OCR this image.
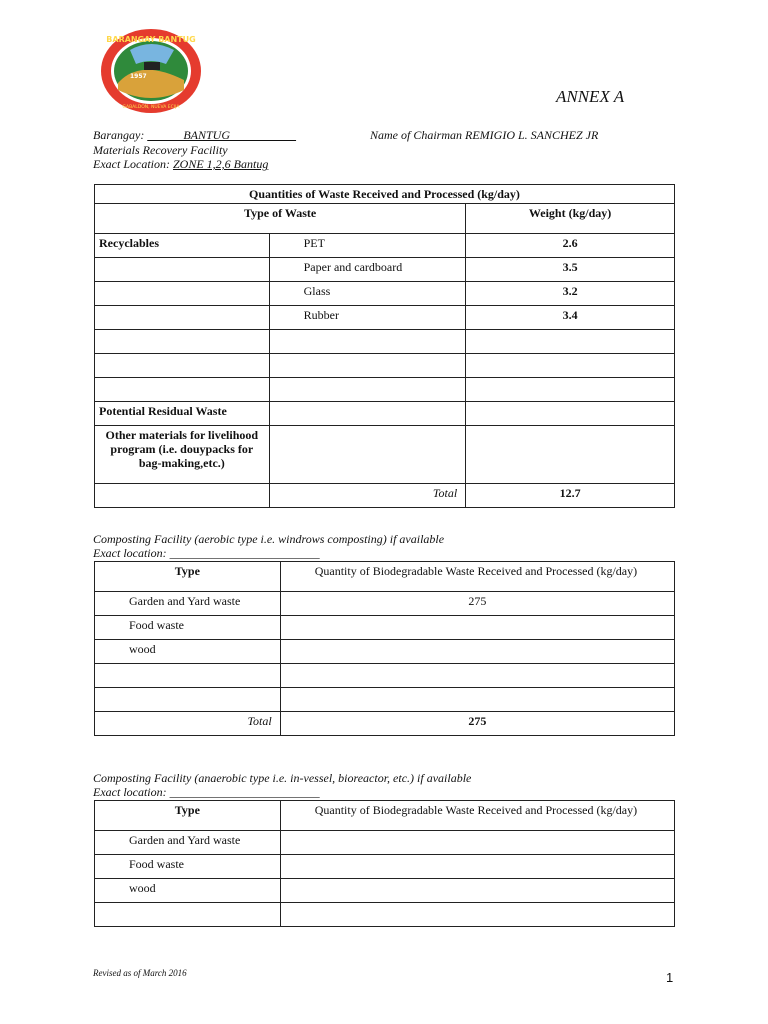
BARANGAY BANTUG
GABALDON, NUEVA ECIJA
1957
ANNEX A
Barangay: ______BANTUG___________	Name of Chairman REMIGIO L. SANCHEZ JR
Materials Recovery Facility
Exact Location: ZONE 1,2,6 Bantug
Quantities of Waste Received and Processed (kg/day)		
Type of Waste		Weight (kg/day)
Recyclables	PET	2.6
	Paper and cardboard	3.5
	Glass	3.2
	Rubber	3.4

Potential Residual Waste		
Other materials for livelihood program (i.e. douypacks for bag-making,etc.)		
	Total	12.7
Composting Facility (aerobic type i.e. windrows composting) if available
Exact location: _________________________
Type	Quantity of Biodegradable Waste Received and Processed (kg/day)
Garden and Yard waste	275
Food waste	
wood	

Total	275
Composting Facility (anaerobic type i.e. in-vessel, bioreactor, etc.) if available
Exact location: _________________________
Type	Quantity of Biodegradable Waste Received and Processed (kg/day)
Garden and Yard waste	
Food waste	
wood	

Revised as of March 2016	1
